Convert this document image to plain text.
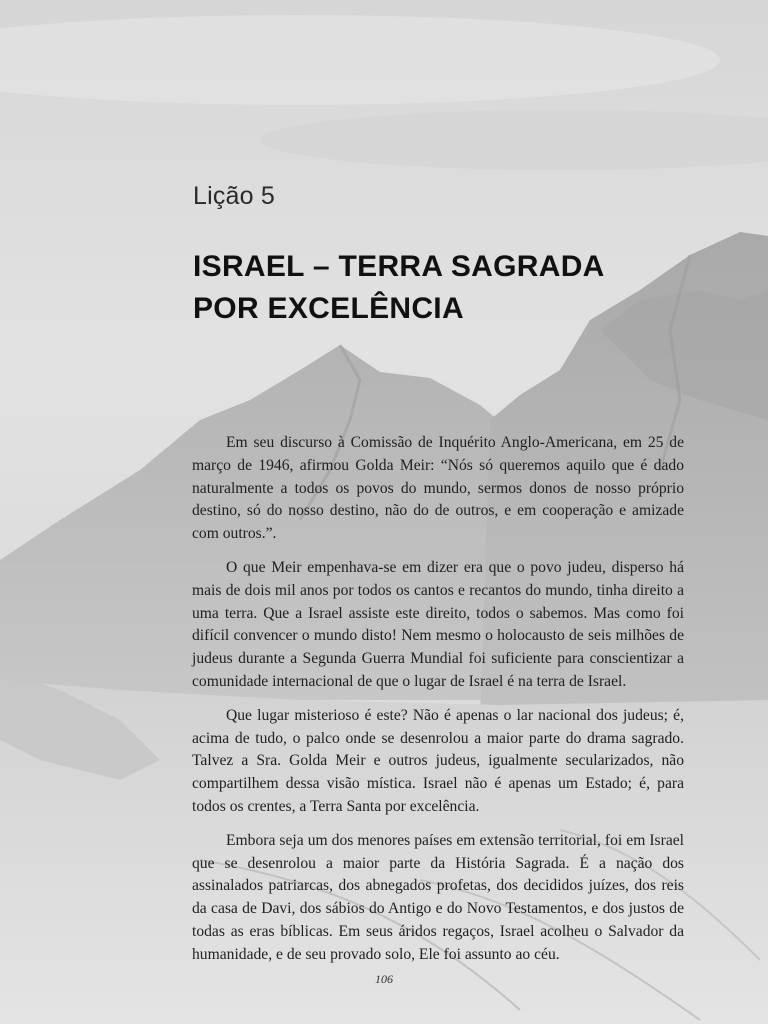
Lição 5
ISRAEL – TERRA SAGRADA
POR EXCELÊNCIA

Em seu discurso à Comissão de Inquérito Anglo-Americana, em 25 de março de 1946, afirmou Golda Meir: “Nós só queremos aquilo que é dado naturalmente a todos os povos do mundo, sermos donos de nosso próprio destino, só do nosso destino, não do de outros, e em cooperação e amizade com outros.”.

O que Meir empenhava-se em dizer era que o povo judeu, disperso há mais de dois mil anos por todos os cantos e recantos do mundo, tinha direito a uma terra. Que a Israel assiste este direito, todos o sabemos. Mas como foi difícil convencer o mundo disto! Nem mesmo o holocausto de seis milhões de judeus durante a Segunda Guerra Mundial foi suficiente para conscientizar a comunidade internacional de que o lugar de Israel é na terra de Israel.

Que lugar misterioso é este? Não é apenas o lar nacional dos judeus; é, acima de tudo, o palco onde se desenrolou a maior parte do drama sagrado. Talvez a Sra. Golda Meir e outros judeus, igualmente secularizados, não compartilhem dessa visão mística. Israel não é apenas um Estado; é, para todos os crentes, a Terra Santa por excelência.

Embora seja um dos menores países em extensão territorial, foi em Israel que se desenrolou a maior parte da História Sagrada. É a nação dos assinalados patriarcas, dos abnegados profetas, dos decididos juízes, dos reis da casa de Davi, dos sábios do Antigo e do Novo Testamentos, e dos justos de todas as eras bíblicas. Em seus áridos regaços, Israel acolheu o Salvador da humanidade, e de seu provado solo, Ele foi assunto ao céu.

106
